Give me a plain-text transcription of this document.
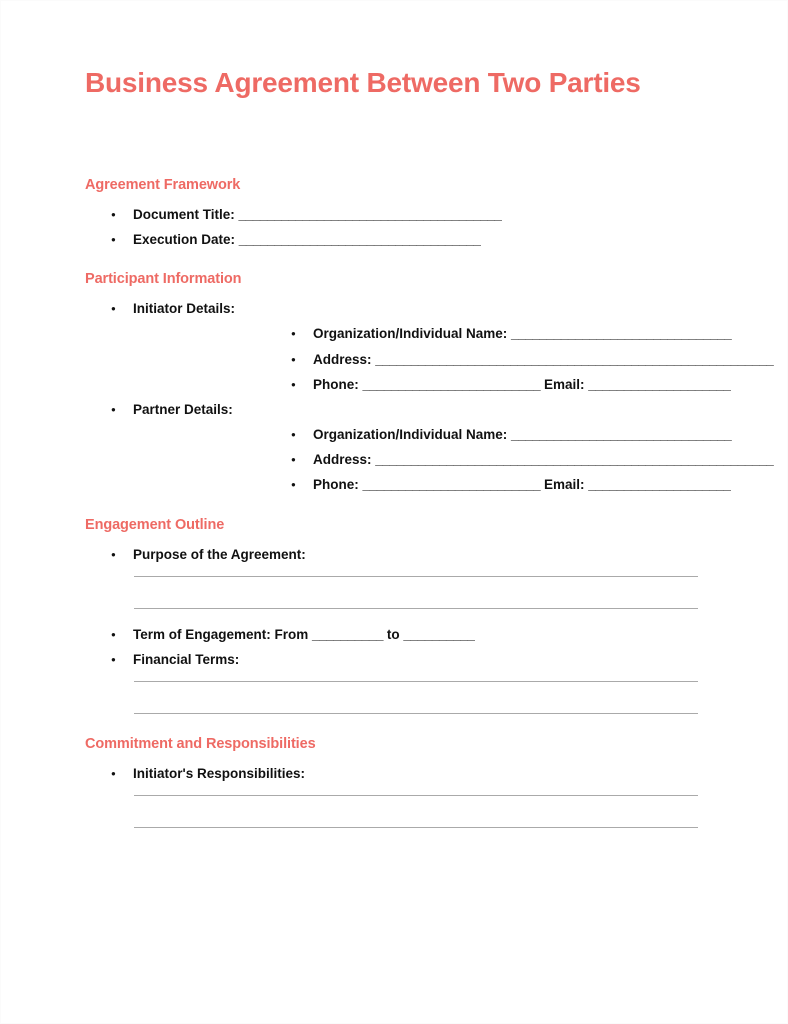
Business Agreement Between Two Parties
Agreement Framework
● Document Title: _____________________________________
● Execution Date: __________________________________
Participant Information
● Initiator Details:
● Organization/Individual Name: _______________________________
● Address: ________________________________________________________
● Phone: _________________________ Email: ____________________
● Partner Details:
● Organization/Individual Name: _______________________________
● Address: ________________________________________________________
● Phone: _________________________ Email: ____________________
Engagement Outline
● Purpose of the Agreement:
● Term of Engagement: From __________ to __________
● Financial Terms:
Commitment and Responsibilities
● Initiator's Responsibilities:
